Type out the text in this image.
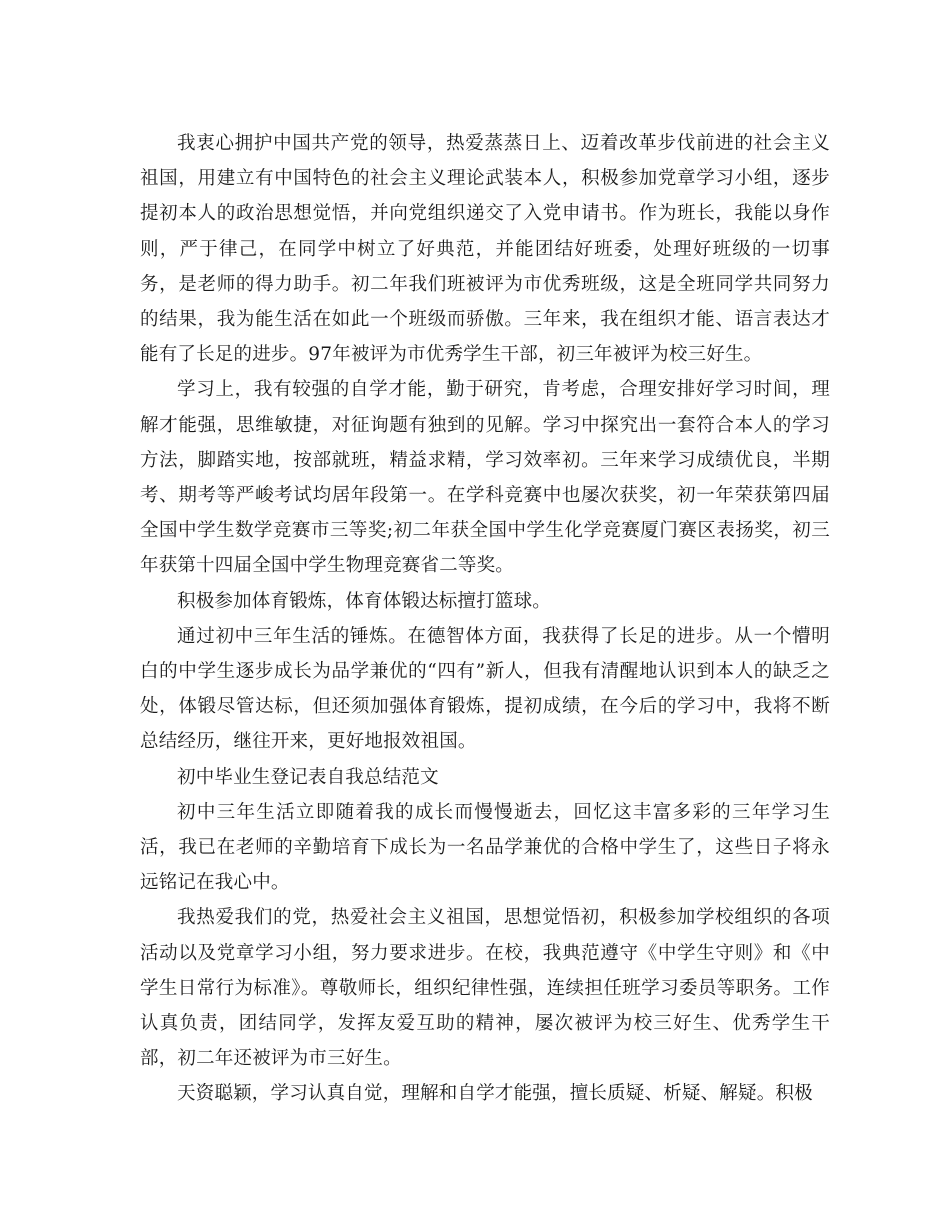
我衷心拥护中国共产党的领导，热爱蒸蒸日上、迈着改革步伐前进的社会主义祖国，用建立有中国特色的社会主义理论武装本人，积极参加党章学习小组，逐步提初本人的政治思想觉悟，并向党组织递交了入党申请书。作为班长，我能以身作则，严于律己，在同学中树立了好典范，并能团结好班委，处理好班级的一切事务，是老师的得力助手。初二年我们班被评为市优秀班级，这是全班同学共同努力的结果，我为能生活在如此一个班级而骄傲。三年来，我在组织才能、语言表达才能有了长足的进步。97年被评为市优秀学生干部，初三年被评为校三好生。

学习上，我有较强的自学才能，勤于研究，肯考虑，合理安排好学习时间，理解才能强，思维敏捷，对征询题有独到的见解。学习中探究出一套符合本人的学习方法，脚踏实地，按部就班，精益求精，学习效率初。三年来学习成绩优良，半期考、期考等严峻考试均居年段第一。在学科竞赛中也屡次获奖，初一年荣获第四届全国中学生数学竞赛市三等奖;初二年获全国中学生化学竞赛厦门赛区表扬奖，初三年获第十四届全国中学生物理竞赛省二等奖。

积极参加体育锻炼，体育体锻达标擅打篮球。

通过初中三年生活的锤炼。在德智体方面，我获得了长足的进步。从一个懵明白的中学生逐步成长为品学兼优的“四有”新人，但我有清醒地认识到本人的缺乏之处，体锻尽管达标，但还须加强体育锻炼，提初成绩，在今后的学习中，我将不断总结经历，继往开来，更好地报效祖国。

初中毕业生登记表自我总结范文

初中三年生活立即随着我的成长而慢慢逝去，回忆这丰富多彩的三年学习生活，我已在老师的辛勤培育下成长为一名品学兼优的合格中学生了，这些日子将永远铭记在我心中。

我热爱我们的党，热爱社会主义祖国，思想觉悟初，积极参加学校组织的各项活动以及党章学习小组，努力要求进步。在校，我典范遵守《中学生守则》和《中学生日常行为标准》。尊敬师长，组织纪律性强，连续担任班学习委员等职务。工作认真负责，团结同学，发挥友爱互助的精神，屡次被评为校三好生、优秀学生干部，初二年还被评为市三好生。

天资聪颖，学习认真自觉，理解和自学才能强，擅长质疑、析疑、解疑。积极
